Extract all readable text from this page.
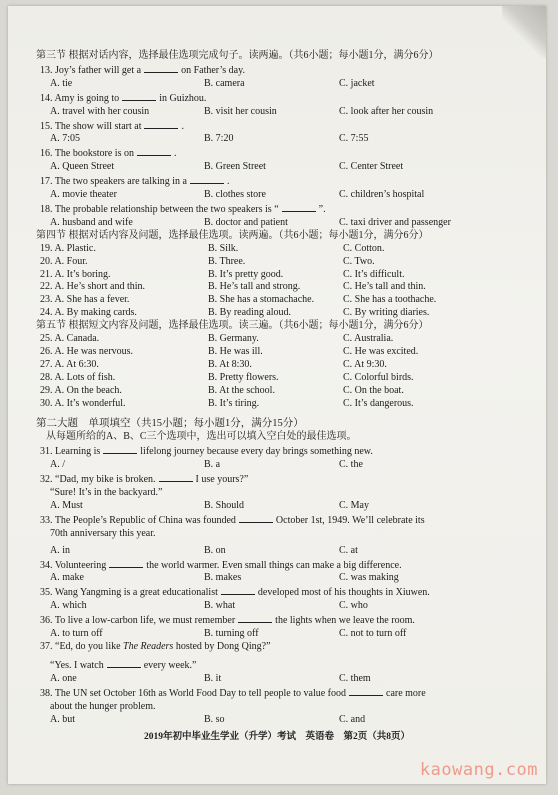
第三节 根据对话内容，选择最佳选项完成句子。读两遍。（共6小题；每小题1分，满分6分）
13. Joy’s father will get a	on Father’s day.
A. tie	B. camera	C. jacket
14. Amy is going to	in Guizhou.
A. travel with her cousin	B. visit her cousin	C. look after her cousin
15. The show will start at	.
A. 7:05	B. 7:20	C. 7:55
16. The bookstore is on	.
A. Queen Street	B. Green Street	C. Center Street
17. The two speakers are talking in a	.
A. movie theater	B. clothes store	C. children’s hospital
18. The probable relationship between the two speakers is “	”.
A. husband and wife	B. doctor and patient	C. taxi driver and passenger
第四节 根据对话内容及问题，选择最佳选项。读两遍。（共6小题；每小题1分，满分6分）
19. A. Plastic.	B. Silk.	C. Cotton.
20. A. Four.	B. Three.	C. Two.
21. A. It’s boring.	B. It’s pretty good.	C. It’s difficult.
22. A. He’s short and thin.	B. He’s tall and strong.	C. He’s tall and thin.
23. A. She has a fever.	B. She has a stomachache.	C. She has a toothache.
24. A. By making cards.	B. By reading aloud.	C. By writing diaries.
第五节 根据短文内容及问题，选择最佳选项。读三遍。（共6小题；每小题1分，满分6分）
25. A. Canada.	B. Germany.	C. Australia.
26. A. He was nervous.	B. He was ill.	C. He was excited.
27. A. At 6:30.	B. At 8:30.	C. At 9:30.
28. A. Lots of fish.	B. Pretty flowers.	C. Colorful birds.
29. A. On the beach.	B. At the school.	C. On the boat.
30. A. It’s wonderful.	B. It’s tiring.	C. It’s dangerous.
第二大题　单项填空（共15小题；每小题1分，满分15分）
从每题所给的A、B、C三个选项中，选出可以填入空白处的最佳选项。
31. Learning is	lifelong journey because every day brings something new.
A. /	B. a	C. the
32. “Dad, my bike is broken.	I use yours?”
“Sure! It’s in the backyard.”
A. Must	B. Should	C. May
33. The People’s Republic of China was founded	October 1st, 1949. We’ll celebrate its
70th anniversary this year.
A. in	B. on	C. at
34. Volunteering	the world warmer. Even small things can make a big difference.
A. make	B. makes	C. was making
35. Wang Yangming is a great educationalist	developed most of his thoughts in Xiuwen.
A. which	B. what	C. who
36. To live a low-carbon life, we must remember	the lights when we leave the room.
A. to turn off	B. turning off	C. not to turn off
37. “Ed, do you like The Readers hosted by Dong Qing?”
“Yes. I watch	every week.”
A. one	B. it	C. them
38. The UN set October 16th as World Food Day to tell people to value food	care more
about the hunger problem.
A. but	B. so	C. and
2019年初中毕业生学业（升学）考试　英语卷　第2页（共8页）
kaowang.com
